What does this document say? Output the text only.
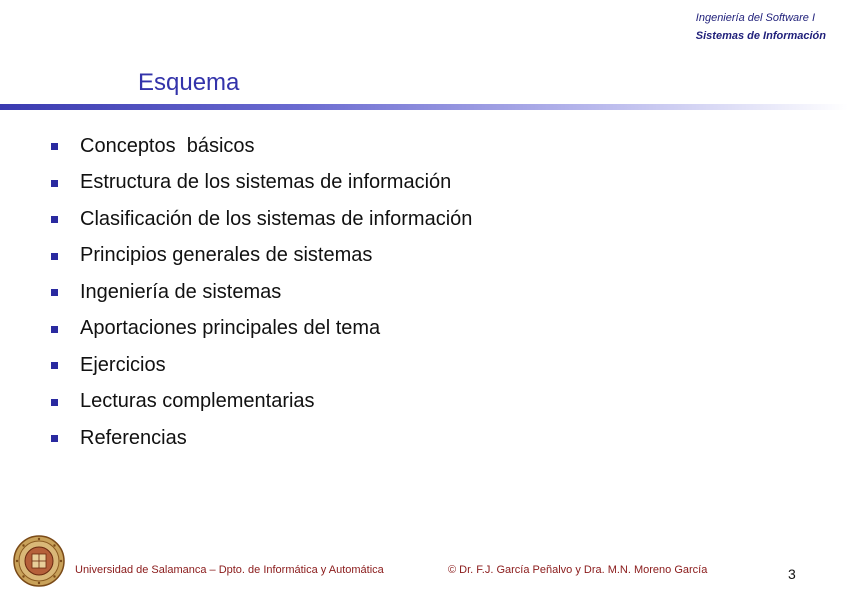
Ingeniería del Software I
Sistemas de Información
Esquema
Conceptos  básicos
Estructura de los sistemas de información
Clasificación de los sistemas de información
Principios generales de sistemas
Ingeniería de sistemas
Aportaciones principales del tema
Ejercicios
Lecturas complementarias
Referencias
Universidad de Salamanca – Dpto. de Informática y Automática	© Dr. F.J. García Peñalvo y Dra. M.N. Moreno García	3
